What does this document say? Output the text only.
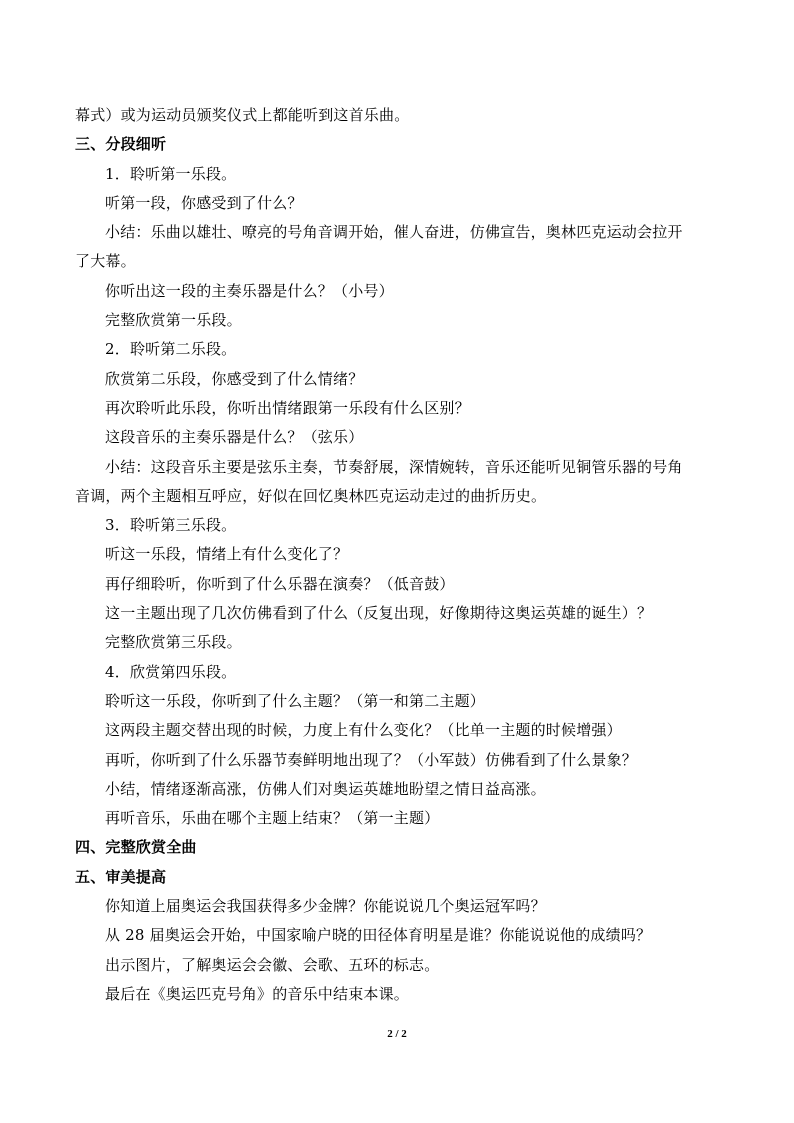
幕式）或为运动员颁奖仪式上都能听到这首乐曲。
三、分段细听
1．聆听第一乐段。
听第一段，你感受到了什么？
小结：乐曲以雄壮、嘹亮的号角音调开始，催人奋进，仿佛宣告，奥林匹克运动会拉开
了大幕。
你听出这一段的主奏乐器是什么？（小号）
完整欣赏第一乐段。
2．聆听第二乐段。
欣赏第二乐段，你感受到了什么情绪？
再次聆听此乐段，你听出情绪跟第一乐段有什么区别？
这段音乐的主奏乐器是什么？（弦乐）
小结：这段音乐主要是弦乐主奏，节奏舒展，深情婉转，音乐还能听见铜管乐器的号角
音调，两个主题相互呼应，好似在回忆奥林匹克运动走过的曲折历史。
3．聆听第三乐段。
听这一乐段，情绪上有什么变化了？
再仔细聆听，你听到了什么乐器在演奏？（低音鼓）
这一主题出现了几次仿佛看到了什么（反复出现，好像期待这奥运英雄的诞生）？
完整欣赏第三乐段。
4．欣赏第四乐段。
聆听这一乐段，你听到了什么主题？（第一和第二主题）
这两段主题交替出现的时候，力度上有什么变化？（比单一主题的时候增强）
再听，你听到了什么乐器节奏鲜明地出现了？（小军鼓）仿佛看到了什么景象？
小结，情绪逐渐高涨，仿佛人们对奥运英雄地盼望之情日益高涨。
再听音乐，乐曲在哪个主题上结束？（第一主题）
四、完整欣赏全曲
五、审美提高
你知道上届奥运会我国获得多少金牌？你能说说几个奥运冠军吗？
从 28 届奥运会开始，中国家喻户晓的田径体育明星是谁？你能说说他的成绩吗？
出示图片，了解奥运会会徽、会歌、五环的标志。
最后在《奥运匹克号角》的音乐中结束本课。
2 / 2
